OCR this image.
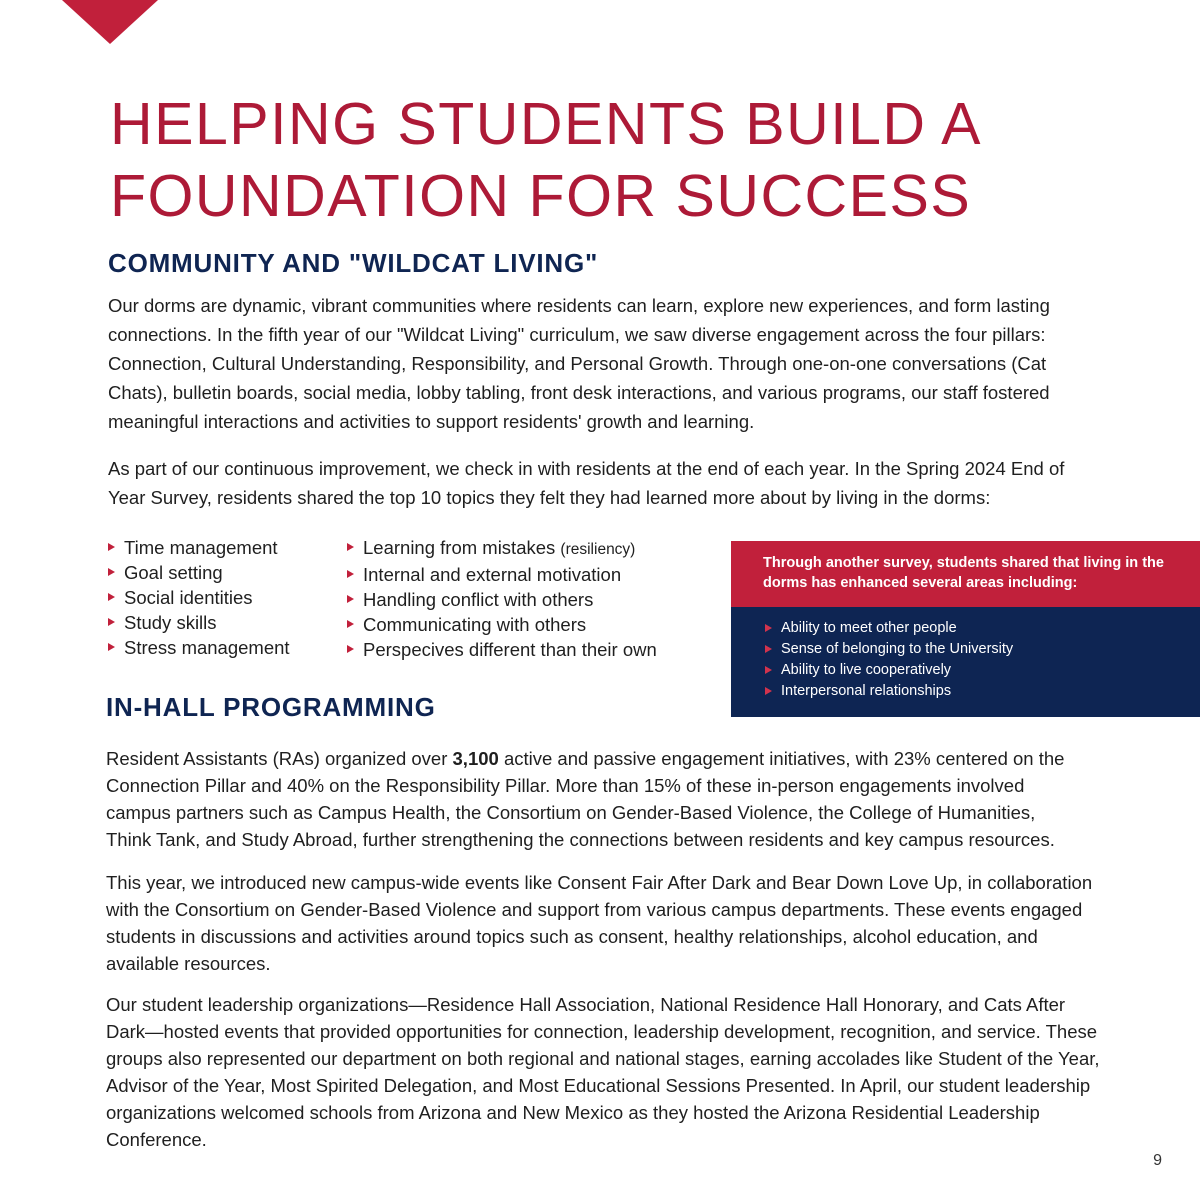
HELPING STUDENTS BUILD A
FOUNDATION FOR SUCCESS
COMMUNITY AND "WILDCAT LIVING"

Our dorms are dynamic, vibrant communities where residents can learn, explore new experiences, and form lasting connections. In the fifth year of our "Wildcat Living" curriculum, we saw diverse engagement across the four pillars: Connection, Cultural Understanding, Responsibility, and Personal Growth. Through one-on-one conversations (Cat Chats), bulletin boards, social media, lobby tabling, front desk interactions, and various programs, our staff fostered meaningful interactions and activities to support residents' growth and learning.

As part of our continuous improvement, we check in with residents at the end of each year. In the Spring 2024 End of Year Survey, residents shared the top 10 topics they felt they had learned more about by living in the dorms:

Time management
Goal setting
Social identities
Study skills
Stress management
Learning from mistakes (resiliency)
Internal and external motivation
Handling conflict with others
Communicating with others
Perspecives different than their own
Through another survey, students shared that living in the dorms has enhanced several areas including:
Ability to meet other people
Sense of belonging to the University
Ability to live cooperatively
Interpersonal relationships
IN-HALL PROGRAMMING

Resident Assistants (RAs) organized over 3,100 active and passive engagement initiatives, with 23% centered on the Connection Pillar and 40% on the Responsibility Pillar. More than 15% of these in-person engagements involved campus partners such as Campus Health, the Consortium on Gender-Based Violence, the College of Humanities, Think Tank, and Study Abroad, further strengthening the connections between residents and key campus resources.

This year, we introduced new campus-wide events like Consent Fair After Dark and Bear Down Love Up, in collaboration with the Consortium on Gender-Based Violence and support from various campus departments. These events engaged students in discussions and activities around topics such as consent, healthy relationships, alcohol education, and available resources.

Our student leadership organizations—Residence Hall Association, National Residence Hall Honorary, and Cats After Dark—hosted events that provided opportunities for connection, leadership development, recognition, and service. These groups also represented our department on both regional and national stages, earning accolades like Student of the Year, Advisor of the Year, Most Spirited Delegation, and Most Educational Sessions Presented. In April, our student leadership organizations welcomed schools from Arizona and New Mexico as they hosted the Arizona Residential Leadership Conference.

9
